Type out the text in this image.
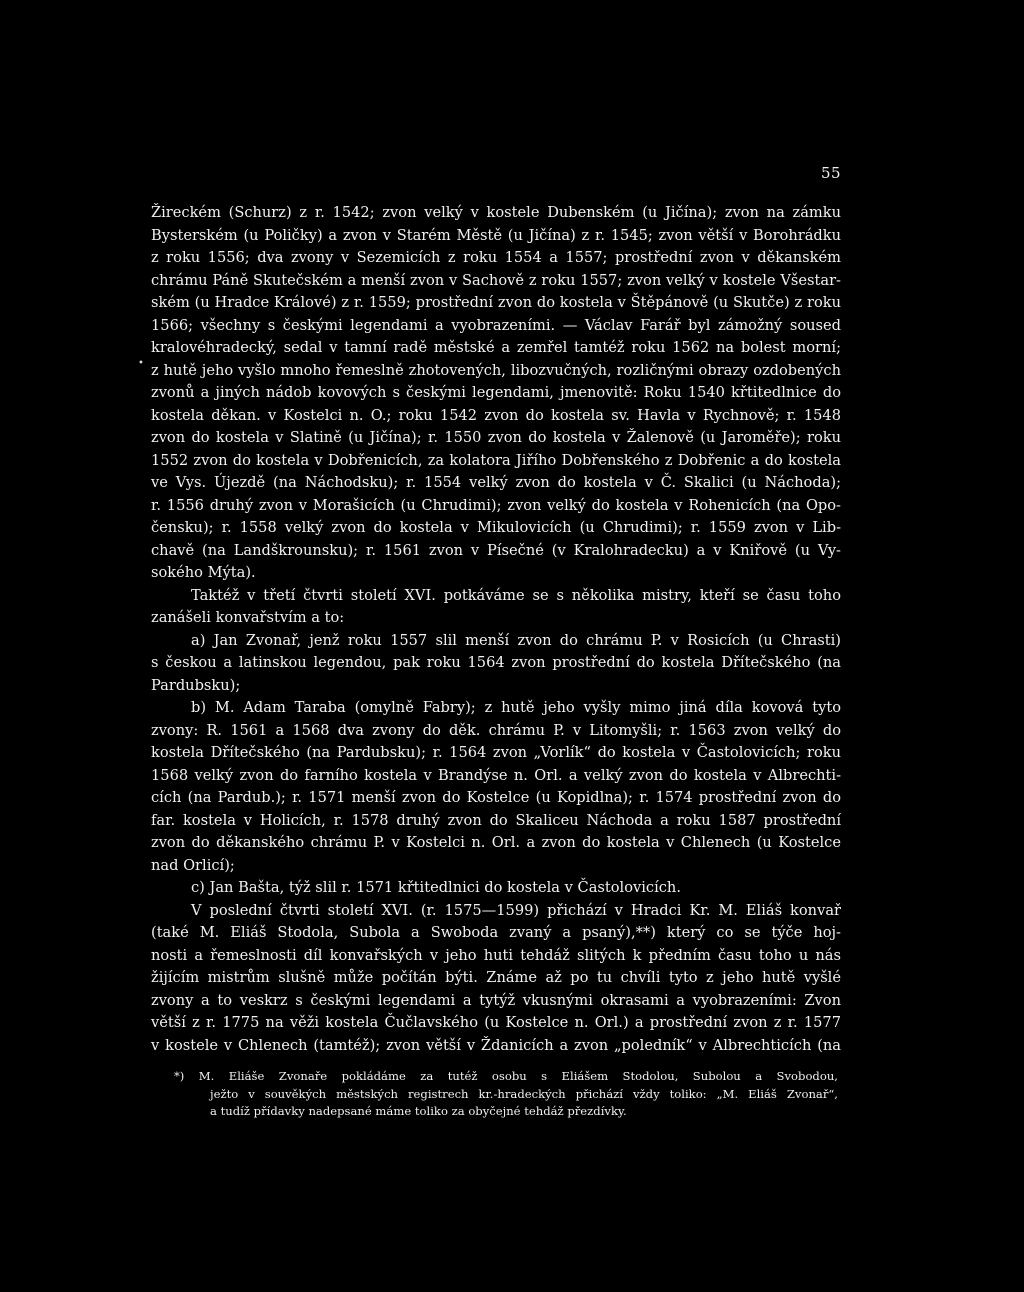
55
•
Žireckém (Schurz) z r. 1542; zvon velký v kostele Dubenském (u Jičína); zvon na zámku
Bysterském (u Poličky) a zvon v Starém Městě (u Jičína) z r. 1545; zvon větší v Borohrádku
z roku 1556; dva zvony v Sezemicích z roku 1554 a 1557; prostřední zvon v děkanském
chrámu Páně Skutečském a menší zvon v Sachově z roku 1557; zvon velký v kostele Všestar-
ském (u Hradce Králové) z r. 1559; prostřední zvon do kostela v Štěpánově (u Skutče) z roku
1566; všechny s českými legendami a vyobrazeními. — Václav Farář byl zámožný soused
kralovéhradecký, sedal v tamní radě městské a zemřel tamtéž roku 1562 na bolest morní;
z hutě jeho vyšlo mnoho řemeslně zhotovených, libozvučných, rozličnými obrazy ozdobených
zvonů a jiných nádob kovových s českými legendami, jmenovitě: Roku 1540 křtitedlnice do
kostela děkan. v Kostelci n. O.; roku 1542 zvon do kostela sv. Havla v Rychnově; r. 1548
zvon do kostela v Slatině (u Jičína); r. 1550 zvon do kostela v Žalenově (u Jaroměře); roku
1552 zvon do kostela v Dobřenicích, za kolatora Jiřího Dobřenského z Dobřenic a do kostela
ve Vys. Újezdě (na Náchodsku); r. 1554 velký zvon do kostela v Č. Skalici (u Náchoda);
r. 1556 druhý zvon v Morašicích (u Chrudimi); zvon velký do kostela v Rohenicích (na Opo-
čensku); r. 1558 velký zvon do kostela v Mikulovicích (u Chrudimi); r. 1559 zvon v Lib-
chavě (na Landškrounsku); r. 1561 zvon v Písečné (v Kralohradecku) a v Kniřově (u Vy-
sokého Mýta).
Taktéž v třetí čtvrti století XVI. potkáváme se s několika mistry, kteří se času toho
zanášeli konvařstvím a to:
a) Jan Zvonař, jenž roku 1557 slil menší zvon do chrámu P. v Rosicích (u Chrasti)
s českou a latinskou legendou, pak roku 1564 zvon prostřední do kostela Dřítečského (na
Pardubsku);
b) M. Adam Taraba (omylně Fabry); z hutě jeho vyšly mimo jiná díla kovová tyto
zvony: R. 1561 a 1568 dva zvony do děk. chrámu P. v Litomyšli; r. 1563 zvon velký do
kostela Dřítečského (na Pardubsku); r. 1564 zvon „Vorlík“ do kostela v Častolovicích; roku
1568 velký zvon do farního kostela v Brandýse n. Orl. a velký zvon do kostela v Albrechti-
cích (na Pardub.); r. 1571 menší zvon do Kostelce (u Kopidlna); r. 1574 prostřední zvon do
far. kostela v Holicích, r. 1578 druhý zvon do Skaliceu Náchoda a roku 1587 prostřední
zvon do děkanského chrámu P. v Kostelci n. Orl. a zvon do kostela v Chlenech (u Kostelce
nad Orlicí);
c) Jan Bašta, týž slil r. 1571 křtitedlnici do kostela v Častolovicích.
V poslední čtvrti století XVI. (r. 1575—1599) přichází v Hradci Kr. M. Eliáš konvař
(také M. Eliáš Stodola, Subola a Swoboda zvaný a psaný),**) který co se týče hoj-
nosti a řemeslnosti díl konvařských v jeho huti tehdáž slitých k předním času toho u nás
žijícím mistrům slušně může počítán býti. Známe až po tu chvíli tyto z jeho hutě vyšlé
zvony a to veskrz s českými legendami a tytýž vkusnými okrasami a vyobrazeními: Zvon
větší z r. 1775 na věži kostela Čučlavského (u Kostelce n. Orl.) a prostřední zvon z r. 1577
v kostele v Chlenech (tamtéž); zvon větší v Ždanicích a zvon „poledník“ v Albrechticích (na
*) M. Eliáše Zvonaře pokládáme za tutéž osobu s Eliášem Stodolou, Subolou a Svobodou,
ježto v souvěkých městských registrech kr.-hradeckých přichází vždy toliko: „M. Eliáš Zvonař“,
a tudíž přídavky nadepsané máme toliko za obyčejné tehdáž přezdívky.
